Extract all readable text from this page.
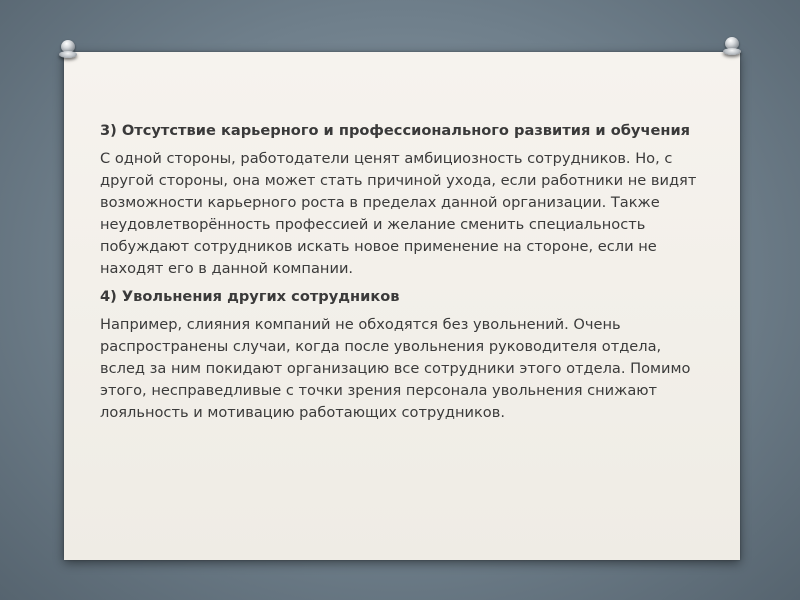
3) Отсутствие карьерного и профессионального развития и обучения
С одной стороны, работодатели ценят амбициозность сотрудников. Но, с другой стороны, она может стать причиной ухода, если работники не видят возможности карьерного роста в пределах данной организации. Также неудовлетворённость профессией и желание сменить специальность побуждают сотрудников искать новое применение на стороне, если не находят его в данной компании.
4) Увольнения других сотрудников
Например, слияния компаний не обходятся без увольнений. Очень распространены случаи, когда после увольнения руководителя отдела, вслед за ним покидают организацию все сотрудники этого отдела. Помимо этого, несправедливые с точки зрения персонала увольнения снижают лояльность и мотивацию работающих сотрудников.
